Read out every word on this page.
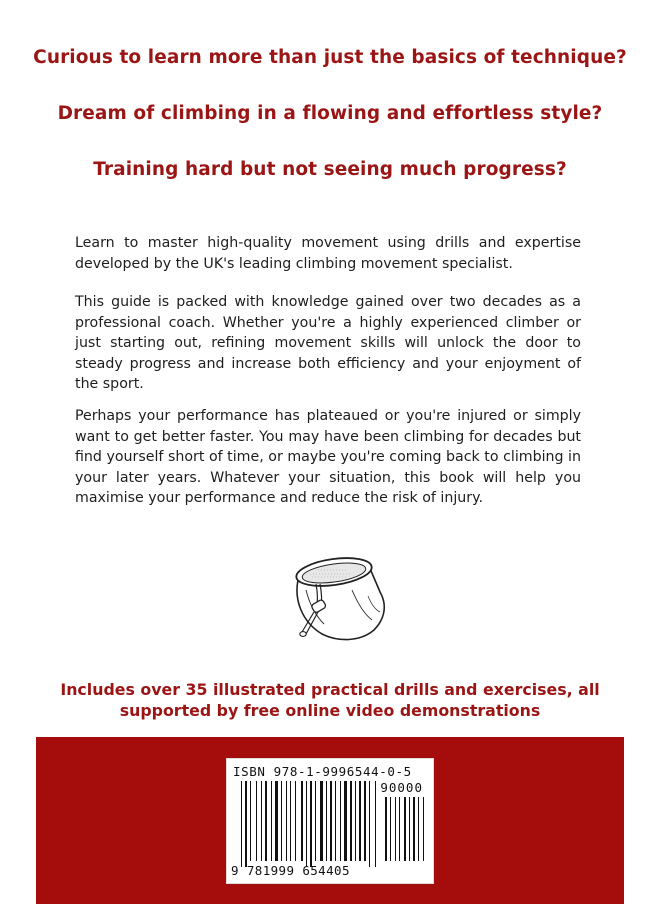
Curious to learn more than just the basics of technique?

Dream of climbing in a flowing and effortless style?

Training hard but not seeing much progress?

Learn to master high-quality movement using drills and expertise developed by the UK's leading climbing movement specialist.

This guide is packed with knowledge gained over two decades as a professional coach. Whether you're a highly experienced climber or just starting out, refining movement skills will unlock the door to steady progress and increase both efficiency and your enjoyment of the sport.

Perhaps your performance has plateaued or you're injured or simply want to get better faster. You may have been climbing for decades but find yourself short of time, or maybe you're coming back to climbing in your later years. Whatever your situation, this book will help you maximise your performance and reduce the risk of injury.

Includes over 35 illustrated practical drills and exercises, all
supported by free online video demonstrations

ISBN 978-1-9996544-0-5
90000
9 781999 654405
